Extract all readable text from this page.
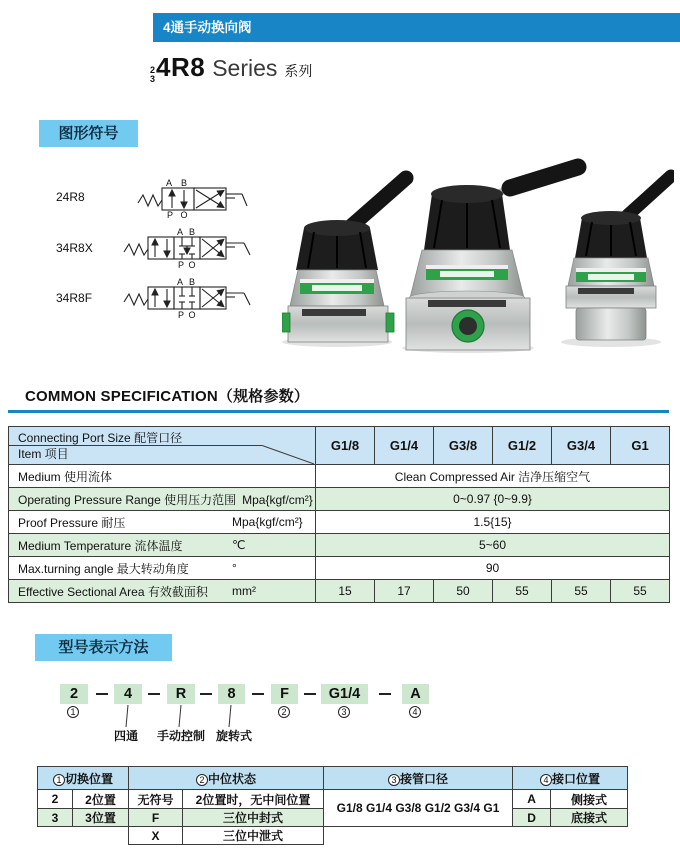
4通手动换向阀
2
3 4R8 Series 系列
图形符号
24R8
A B
P O
34R8X
A B
P O
34R8F
A B
P O
COMMON SPECIFICATION（规格参数）
Connecting Port Size 配管口径
Item 项目	G1/8	G1/4	G3/8	G1/2	G3/4	G1
Medium 使用流体	Clean Compressed Air 洁净压缩空气					
Operating Pressure Range 使用压力范围 Mpa{kgf/cm²}	0~0.97 {0~9.9}					
Proof Pressure 耐压 Mpa{kgf/cm²}	1.5{15}					
Medium Temperature 流体温度 ℃	5~60					
Max.turning angle 最大转动角度 °	90					
Effective Sectional Area 有效截面积 mm²	15	17	50	55	55	55
型号表示方法
2	4	R	8	F	G1/4	A
1	2	3	4
四通 手动控制 旋转式
1 切换位置		2 中位状态		3 接管口径	4 接口位置	
2	2位置	无符号	2位置时，无中间位置	G1/8 G1/4 G3/8 G1/2 G3/4 G1	A	侧接式
3	3位置	F	三位中封式		D	底接式
		X	三位中泄式			
